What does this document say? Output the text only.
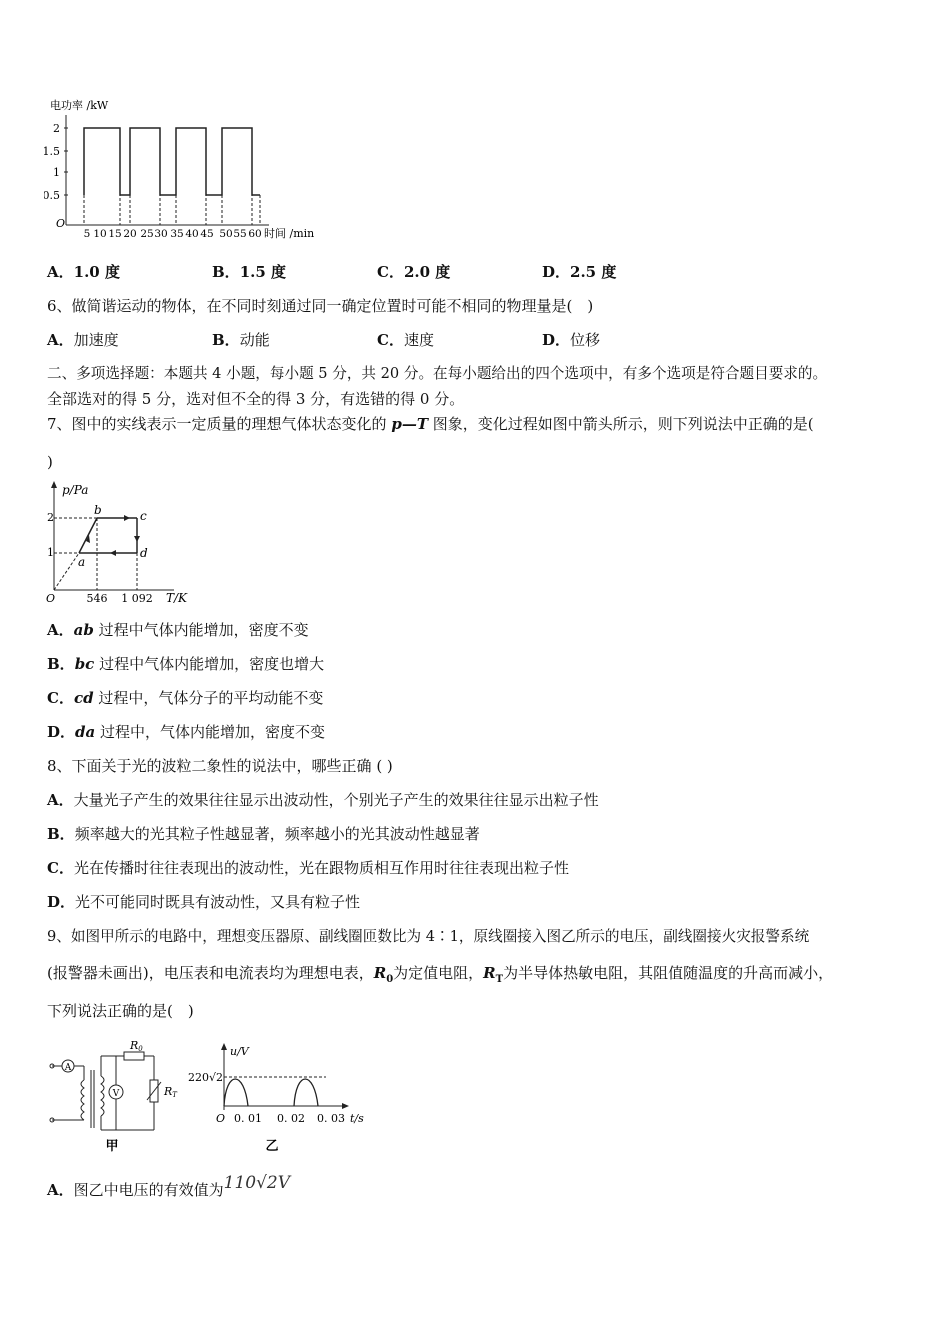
电功率 /kW
2
1.5
1
0.5
O
5 10 15 20 25 30 35 40 45 50 55 60 时间 /min
A．1.0 度	B．1.5 度	C．2.0 度	D．2.5 度
6、做简谐运动的物体，在不同时刻通过同一确定位置时可能不相同的物理量是(　)
A．加速度	B．动能	C．速度	D．位移
二、多项选择题：本题共 4 小题，每小题 5 分，共 20 分。在每小题给出的四个选项中，有多个选项是符合题目要求的。
全部选对的得 5 分，选对但不全的得 3 分，有选错的得 0 分。
7、图中的实线表示一定质量的理想气体状态变化的 p—T 图象，变化过程如图中箭头所示，则下列说法中正确的是(
)
p/Pa
2
1
O
a
b	c
d
546 1 092 T/K
A．ab 过程中气体内能增加，密度不变
B．bc 过程中气体内能增加，密度也增大
C．cd 过程中，气体分子的平均动能不变
D．da 过程中，气体内能增加，密度不变
8、下面关于光的波粒二象性的说法中，哪些正确 ( )
A．大量光子产生的效果往往显示出波动性，个别光子产生的效果往往显示出粒子性
B．频率越大的光其粒子性越显著，频率越小的光其波动性越显著
C．光在传播时往往表现出的波动性，光在跟物质相互作用时往往表现出粒子性
D．光不可能同时既具有波动性，又具有粒子性
9、如图甲所示的电路中，理想变压器原、副线圈匝数比为 4∶1，原线圈接入图乙所示的电压，副线圈接火灾报警系统
(报警器未画出)，电压表和电流表均为理想电表，$R_0$为定值电阻，$R_T$为半导体热敏电阻，其阻值随温度的升高而减小，
下列说法正确的是(　)
A
R0
RT
V
甲
u/V
220√2
O 0. 01 0. 02 0. 03 t/s
乙
A．图乙中电压的有效值为110√2V
